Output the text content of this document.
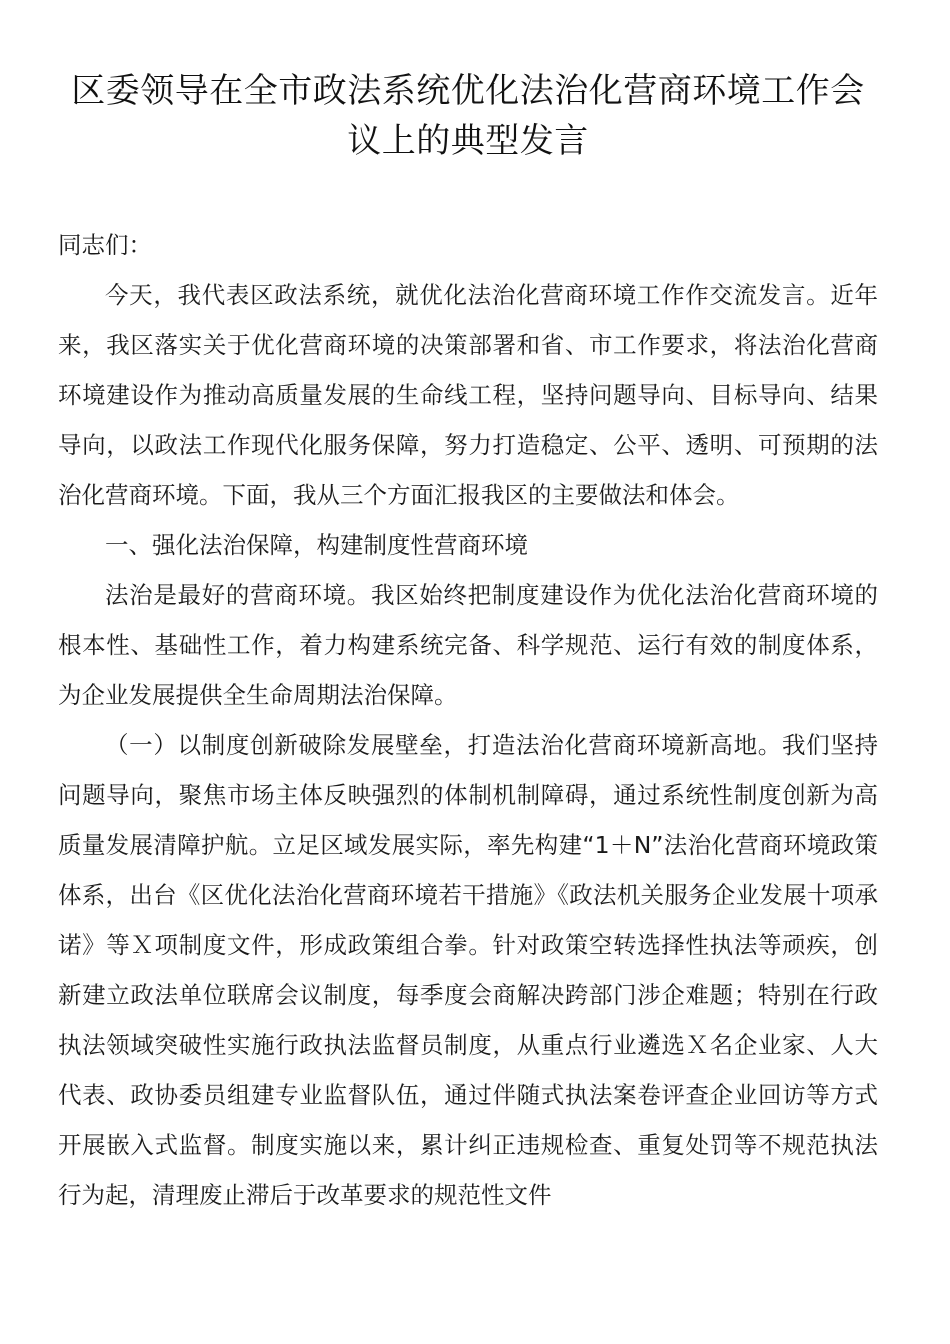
区委领导在全市政法系统优化法治化营商环境工作会议上的典型发言

同志们：

今天，我代表区政法系统，就优化法治化营商环境工作作交流发言。近年来，我区落实关于优化营商环境的决策部署和省、市工作要求，将法治化营商环境建设作为推动高质量发展的生命线工程，坚持问题导向、目标导向、结果导向，以政法工作现代化服务保障，努力打造稳定、公平、透明、可预期的法治化营商环境。下面，我从三个方面汇报我区的主要做法和体会。

一、强化法治保障，构建制度性营商环境

法治是最好的营商环境。我区始终把制度建设作为优化法治化营商环境的根本性、基础性工作，着力构建系统完备、科学规范、运行有效的制度体系，为企业发展提供全生命周期法治保障。

（一）以制度创新破除发展壁垒，打造法治化营商环境新高地。我们坚持问题导向，聚焦市场主体反映强烈的体制机制障碍，通过系统性制度创新为高质量发展清障护航。立足区域发展实际，率先构建“1＋N”法治化营商环境政策体系，出台《区优化法治化营商环境若干措施》《政法机关服务企业发展十项承诺》等Ｘ项制度文件，形成政策组合拳。针对政策空转选择性执法等顽疾，创新建立政法单位联席会议制度，每季度会商解决跨部门涉企难题；特别在行政执法领域突破性实施行政执法监督员制度，从重点行业遴选Ｘ名企业家、人大代表、政协委员组建专业监督队伍，通过伴随式执法案卷评查企业回访等方式开展嵌入式监督。制度实施以来，累计纠正违规检查、重复处罚等不规范执法行为起，清理废止滞后于改革要求的规范性文件
